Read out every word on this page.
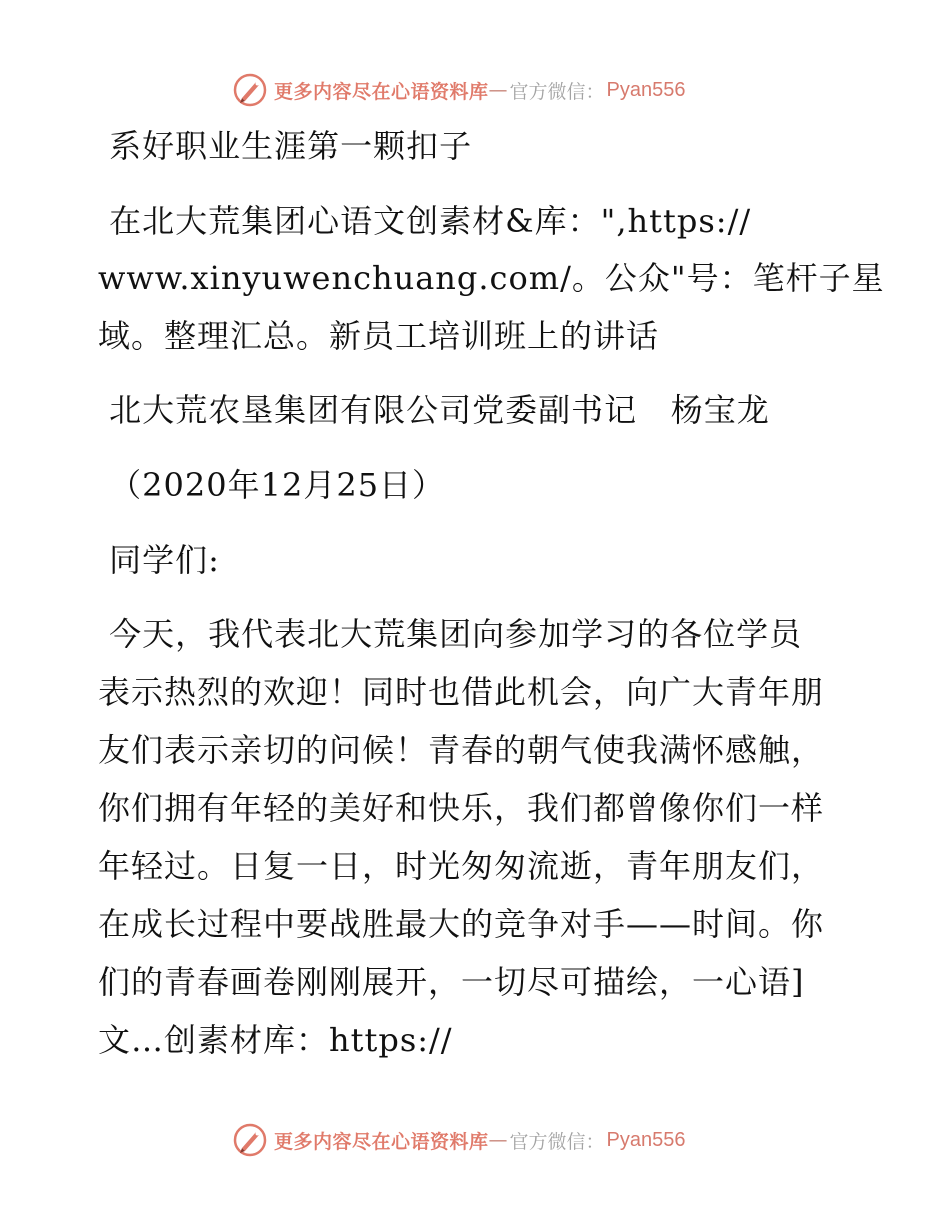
更多内容尽在心语资料库 — 官方微信： Pyan556
系好职业生涯第一颗扣子
在北大荒集团心语文创素材&库：",https://
www.xinyuwenchuang.com/。公众"号：笔杆子星
域。整理汇总。新员工培训班上的讲话
北大荒农垦集团有限公司党委副书记   杨宝龙
（2020年12月25日）
同学们:
今天，我代表北大荒集团向参加学习的各位学员
表示热烈的欢迎！同时也借此机会，向广大青年朋
友们表示亲切的问候！青春的朝气使我满怀感触，
你们拥有年轻的美好和快乐，我们都曾像你们一样
年轻过。日复一日，时光匆匆流逝，青年朋友们，
在成长过程中要战胜最大的竞争对手——时间。你
们的青春画卷刚刚展开，一切尽可描绘，一心语]
文…创素材库：https://
更多内容尽在心语资料库 — 官方微信： Pyan556
